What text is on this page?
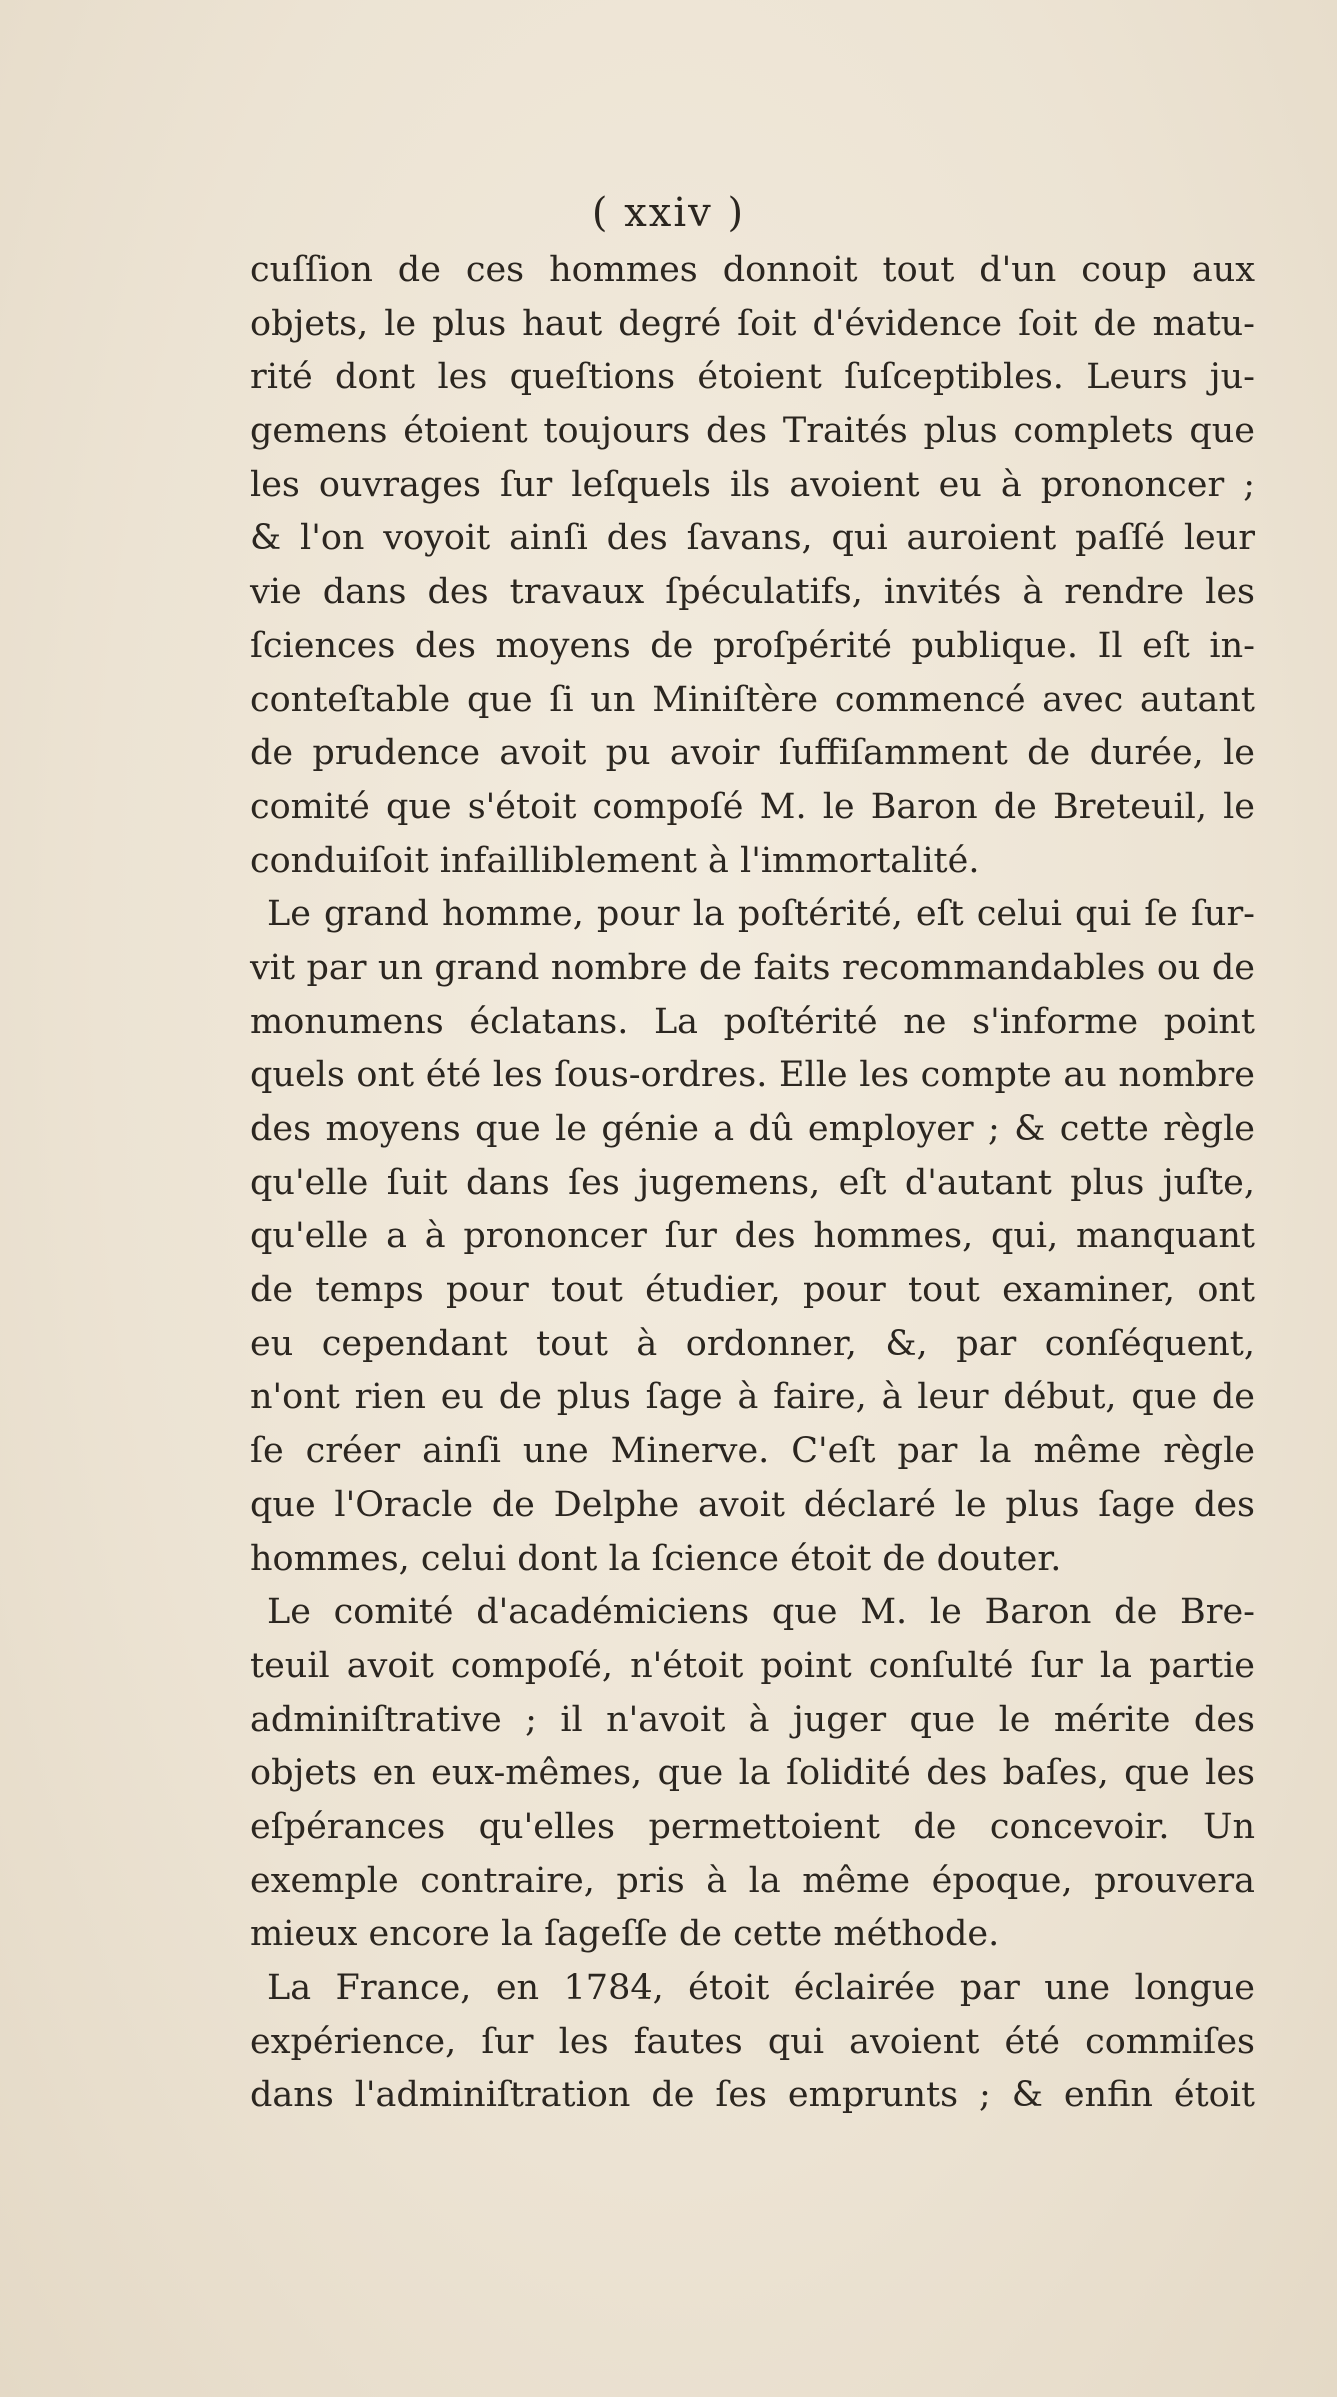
( xxiv )
cuſſion de ces hommes donnoit tout d'un coup aux
objets, le plus haut degré ſoit d'évidence ſoit de matu-
rité dont les queſtions étoient ſuſceptibles. Leurs ju-
gemens étoient toujours des Traités plus complets que
les ouvrages ſur leſquels ils avoient eu à prononcer ;
& l'on voyoit ainſi des ſavans, qui auroient paſſé leur
vie dans des travaux ſpéculatifs, invités à rendre les
ſciences des moyens de proſpérité publique. Il eſt in-
conteſtable que ſi un Miniſtère commencé avec autant
de prudence avoit pu avoir ſuffiſamment de durée, le
comité que s'étoit compoſé M. le Baron de Breteuil, le
conduiſoit infailliblement à l'immortalité.
Le grand homme, pour la poſtérité, eſt celui qui ſe ſur-
vit par un grand nombre de faits recommandables ou de
monumens éclatans. La poſtérité ne s'informe point
quels ont été les ſous-ordres. Elle les compte au nombre
des moyens que le génie a dû employer ; & cette règle
qu'elle ſuit dans ſes jugemens, eſt d'autant plus juſte,
qu'elle a à prononcer ſur des hommes, qui, manquant
de temps pour tout étudier, pour tout examiner, ont
eu cependant tout à ordonner, &, par conſéquent,
n'ont rien eu de plus ſage à faire, à leur début, que de
ſe créer ainſi une Minerve. C'eſt par la même règle
que l'Oracle de Delphe avoit déclaré le plus ſage des
hommes, celui dont la ſcience étoit de douter.
Le comité d'académiciens que M. le Baron de Bre-
teuil avoit compoſé, n'étoit point conſulté ſur la partie
adminiſtrative ; il n'avoit à juger que le mérite des
objets en eux-mêmes, que la ſolidité des baſes, que les
eſpérances qu'elles permettoient de concevoir. Un
exemple contraire, pris à la même époque, prouvera
mieux encore la ſageſſe de cette méthode.
La France, en 1784, étoit éclairée par une longue
expérience, ſur les fautes qui avoient été commiſes
dans l'adminiſtration de ſes emprunts ; & enfin étoit
